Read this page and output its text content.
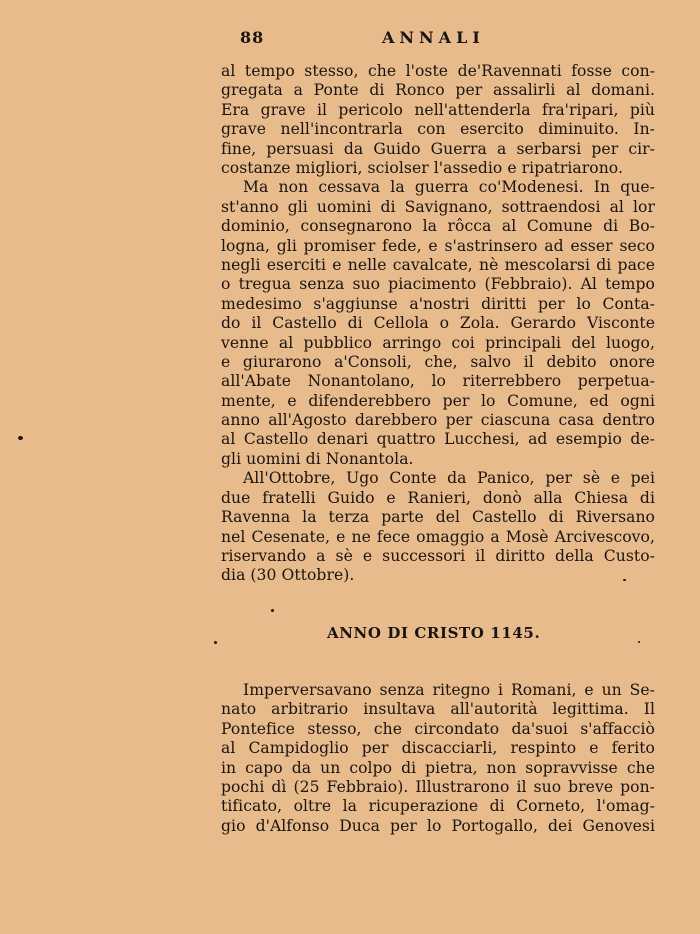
88	ANNALI
al tempo stesso, che l'oste de'Ravennati fosse con-
gregata a Ponte di Ronco per assalirli al domani.
Era grave il pericolo nell'attenderla fra'ripari, più
grave nell'incontrarla con esercito diminuito. In-
fine, persuasi da Guido Guerra a serbarsi per cir-
costanze migliori, sciolser l'assedio e ripatriarono.
Ma non cessava la guerra co'Modenesi. In que-
st'anno gli uomini di Savignano, sottraendosi al lor
dominio, consegnarono la rôcca al Comune di Bo-
logna, gli promiser fede, e s'astrinsero ad esser seco
negli eserciti e nelle cavalcate, nè mescolarsi di pace
o tregua senza suo piacimento (Febbraio). Al tempo
medesimo s'aggiunse a'nostri diritti per lo Conta-
do il Castello di Cellola o Zola. Gerardo Visconte
venne al pubblico arringo coi principali del luogo,
e giurarono a'Consoli, che, salvo il debito onore
all'Abate Nonantolano, lo riterrebbero perpetua-
mente, e difenderebbero per lo Comune, ed ogni
anno all'Agosto darebbero per ciascuna casa dentro
al Castello denari quattro Lucchesi, ad esempio de-
gli uomini di Nonantola.
All'Ottobre, Ugo Conte da Panico, per sè e pei
due fratelli Guido e Ranieri, donò alla Chiesa di
Ravenna la terza parte del Castello di Riversano
nel Cesenate, e ne fece omaggio a Mosè Arcivescovo,
riservando a sè e successori il diritto della Custo-
dia (30 Ottobre).
ANNO DI CRISTO 1145.
Imperversavano senza ritegno i Romani, e un Se-
nato arbitrario insultava all'autorità legittima. Il
Pontefice stesso, che circondato da'suoi s'affacciò
al Campidoglio per discacciarli, respinto e ferito
in capo da un colpo di pietra, non sopravvisse che
pochi dì (25 Febbraio). Illustrarono il suo breve pon-
tificato, oltre la ricuperazione di Corneto, l'omag-
gio d'Alfonso Duca per lo Portogallo, dei Genovesi
